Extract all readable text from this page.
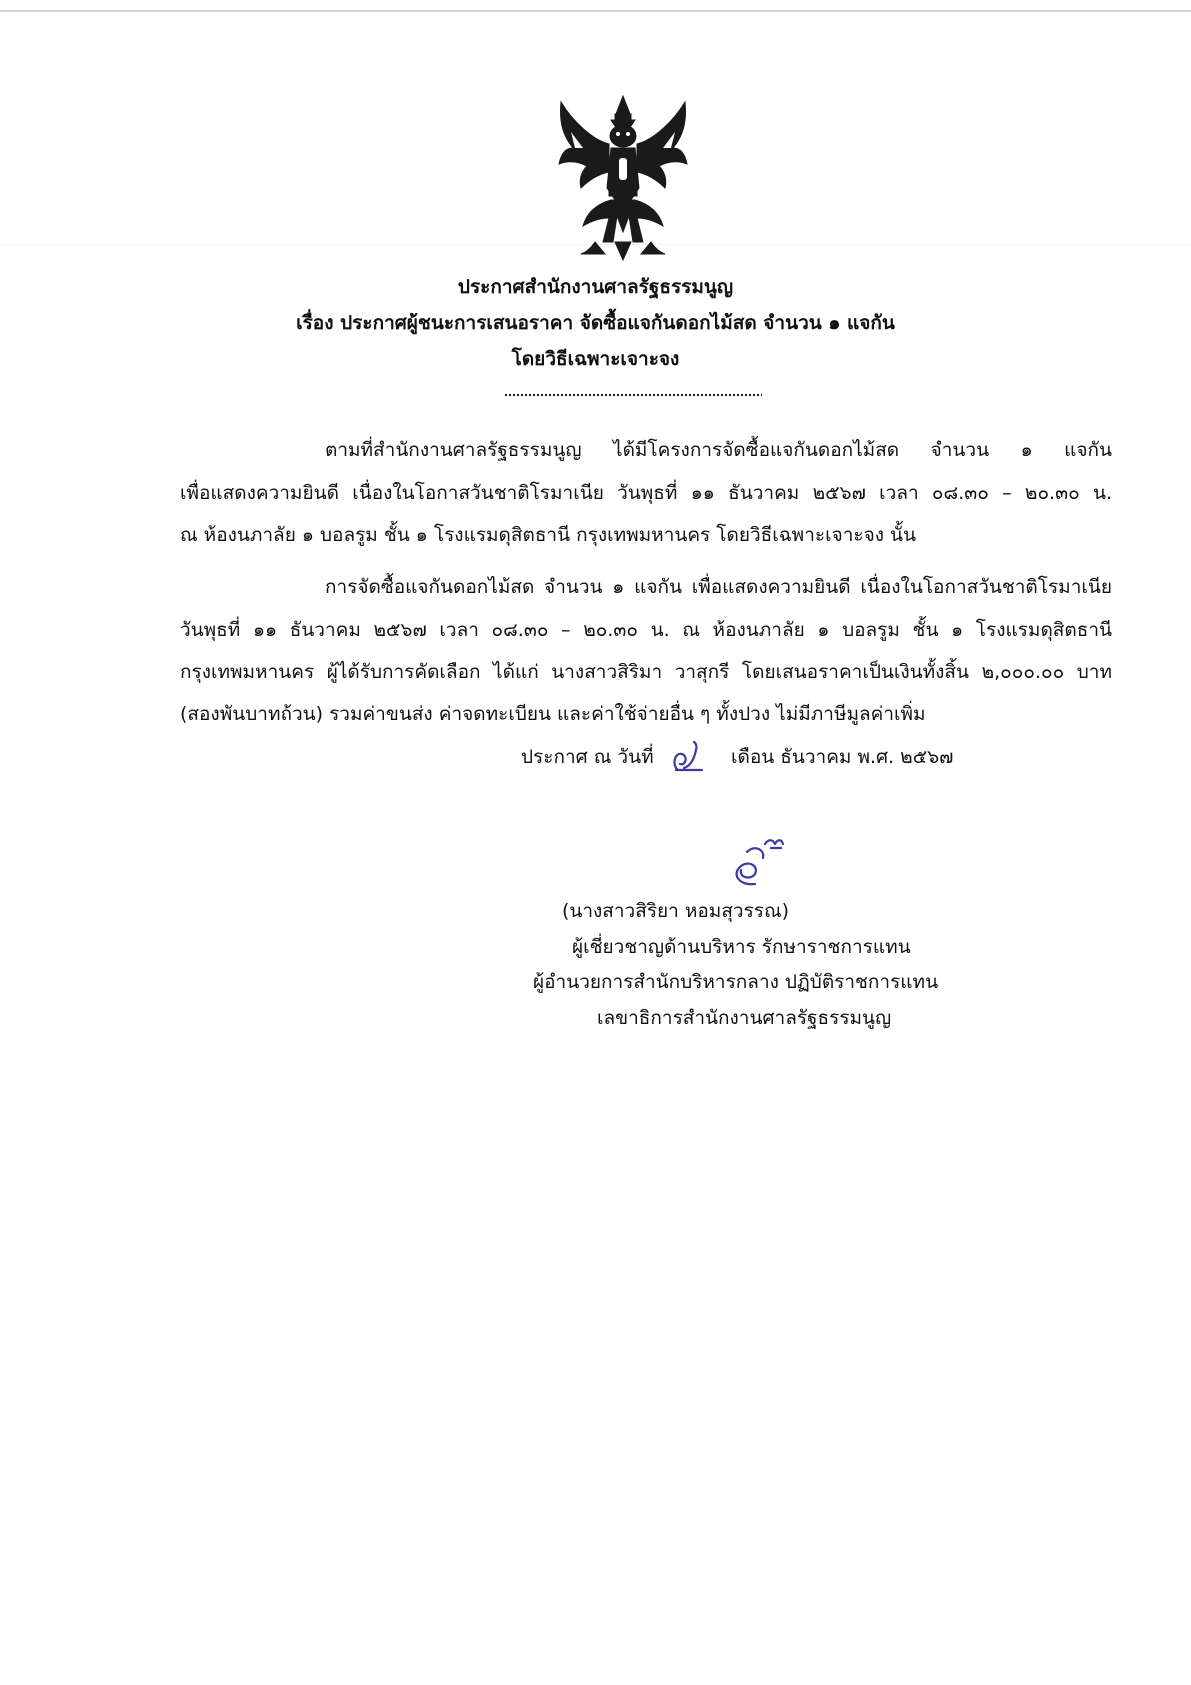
ประกาศสำนักงานศาลรัฐธรรมนูญ
เรื่อง ประกาศผู้ชนะการเสนอราคา จัดซื้อแจกันดอกไม้สด จำนวน ๑ แจกัน
โดยวิธีเฉพาะเจาะจง
ตามที่สำนักงานศาลรัฐธรรมนูญ ได้มีโครงการจัดซื้อแจกันดอกไม้สด จำนวน ๑ แจกัน
เพื่อแสดงความยินดี เนื่องในโอกาสวันชาติโรมาเนีย วันพุธที่ ๑๑ ธันวาคม ๒๕๖๗ เวลา ๐๘.๓๐ – ๒๐.๓๐ น.
ณ ห้องนภาลัย ๑ บอลรูม ชั้น ๑ โรงแรมดุสิตธานี กรุงเทพมหานคร โดยวิธีเฉพาะเจาะจง นั้น
การจัดซื้อแจกันดอกไม้สด จำนวน ๑ แจกัน เพื่อแสดงความยินดี เนื่องในโอกาสวันชาติโรมาเนีย
วันพุธที่ ๑๑ ธันวาคม ๒๕๖๗ เวลา ๐๘.๓๐ – ๒๐.๓๐ น. ณ ห้องนภาลัย ๑ บอลรูม ชั้น ๑ โรงแรมดุสิตธานี
กรุงเทพมหานคร ผู้ได้รับการคัดเลือก ได้แก่ นางสาวสิริมา วาสุกรี โดยเสนอราคาเป็นเงินทั้งสิ้น ๒,๐๐๐.๐๐ บาท
(สองพันบาทถ้วน) รวมค่าขนส่ง ค่าจดทะเบียน และค่าใช้จ่ายอื่น ๆ ทั้งปวง ไม่มีภาษีมูลค่าเพิ่ม
ประกาศ ณ วันที่	เดือน ธันวาคม พ.ศ. ๒๕๖๗
(นางสาวสิริยา หอมสุวรรณ)
ผู้เชี่ยวชาญด้านบริหาร รักษาราชการแทน
ผู้อำนวยการสำนักบริหารกลาง ปฏิบัติราชการแทน
เลขาธิการสำนักงานศาลรัฐธรรมนูญ
